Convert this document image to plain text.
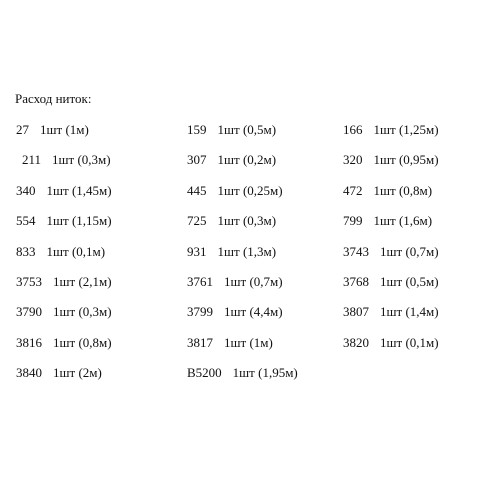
Расход ниток:
27 1шт (1м)	159 1шт (0,5м)	166 1шт (1,25м)
211 1шт (0,3м)	307 1шт (0,2м)	320 1шт (0,95м)
340 1шт (1,45м)	445 1шт (0,25м)	472 1шт (0,8м)
554 1шт (1,15м)	725 1шт (0,3м)	799 1шт (1,6м)
833 1шт (0,1м)	931 1шт (1,3м)	3743 1шт (0,7м)
3753 1шт (2,1м)	3761 1шт (0,7м)	3768 1шт (0,5м)
3790 1шт (0,3м)	3799 1шт (4,4м)	3807 1шт (1,4м)
3816 1шт (0,8м)	3817 1шт (1м)	3820 1шт (0,1м)
3840 1шт (2м)	B5200 1шт (1,95м)
